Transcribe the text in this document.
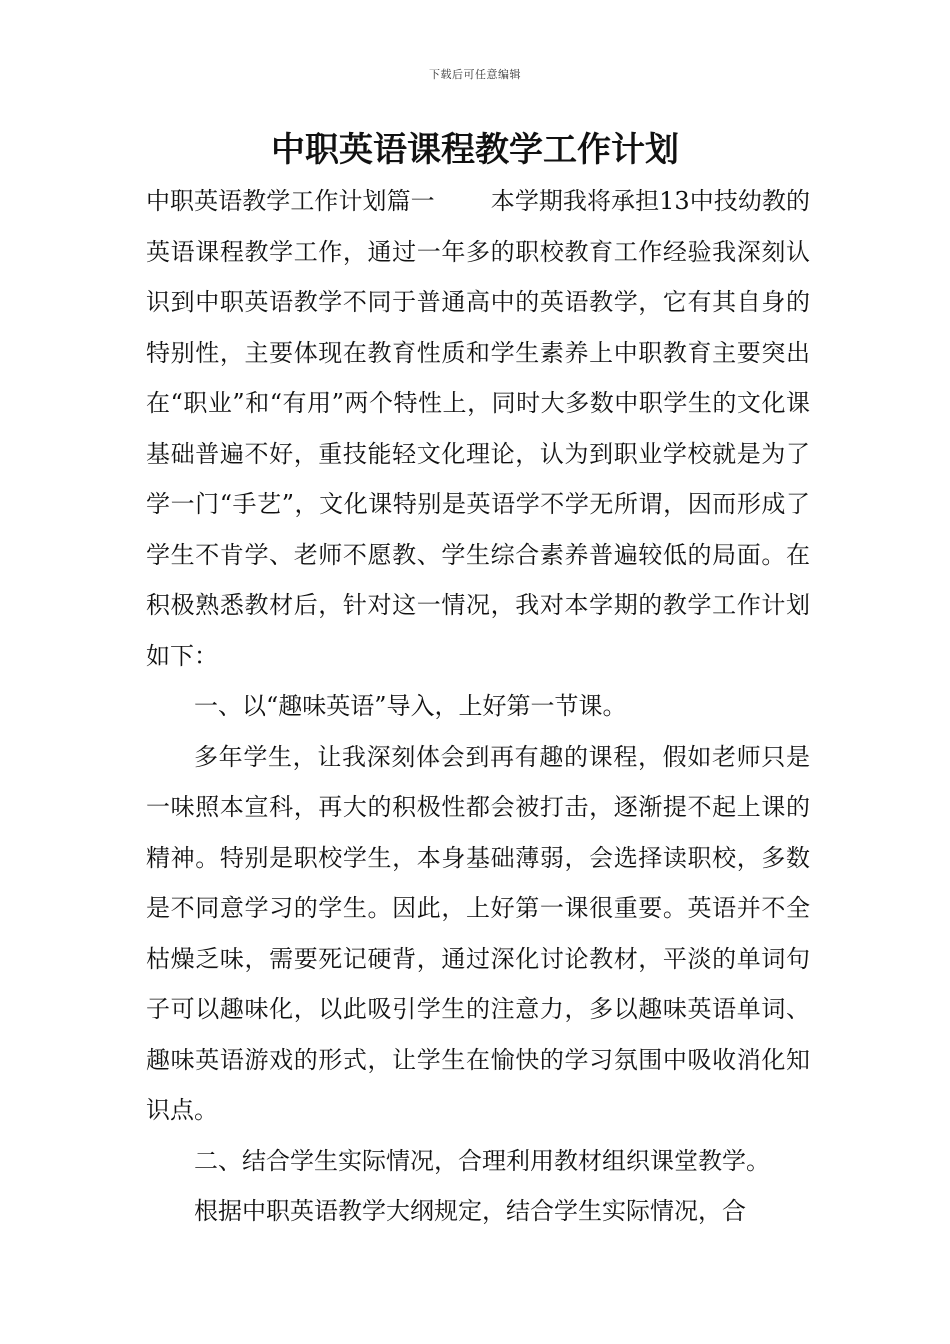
下载后可任意编辑
中职英语课程教学工作计划

中职英语教学工作计划篇一 本学期我将承担13中技幼教的英语课程教学工作，通过一年多的职校教育工作经验我深刻认识到中职英语教学不同于普通高中的英语教学，它有其自身的特别性，主要体现在教育性质和学生素养上中职教育主要突出在“职业”和“有用”两个特性上，同时大多数中职学生的文化课基础普遍不好，重技能轻文化理论，认为到职业学校就是为了学一门“手艺”，文化课特别是英语学不学无所谓，因而形成了学生不肯学、老师不愿教、学生综合素养普遍较低的局面。在积极熟悉教材后，针对这一情况，我对本学期的教学工作计划如下：

一、以“趣味英语”导入，上好第一节课。

多年学生，让我深刻体会到再有趣的课程，假如老师只是一味照本宣科，再大的积极性都会被打击，逐渐提不起上课的精神。特别是职校学生，本身基础薄弱，会选择读职校，多数是不同意学习的学生。因此，上好第一课很重要。英语并不全枯燥乏味，需要死记硬背，通过深化讨论教材，平淡的单词句子可以趣味化，以此吸引学生的注意力，多以趣味英语单词、趣味英语游戏的形式，让学生在愉快的学习氛围中吸收消化知识点。

二、结合学生实际情况，合理利用教材组织课堂教学。

根据中职英语教学大纲规定，结合学生实际情况，合
